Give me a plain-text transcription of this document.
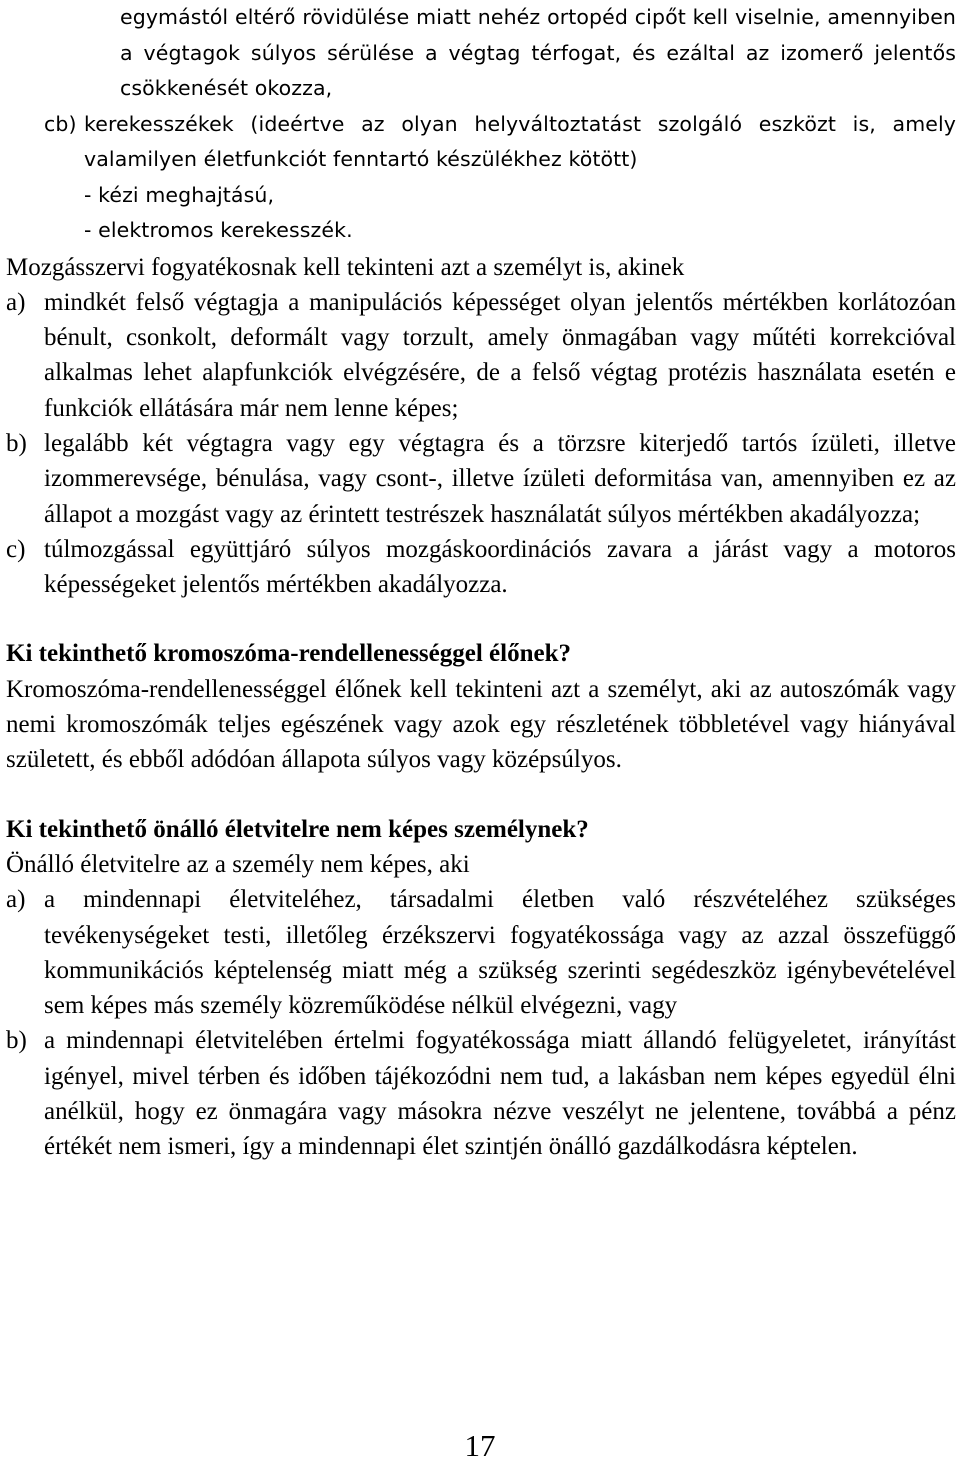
egymástól eltérő rövidülése miatt nehéz ortopéd cipőt kell viselnie, amennyiben a végtagok súlyos sérülése a végtag térfogat, és ezáltal az izomerő jelentős csökkenését okozza,

cb) kerekesszékek (ideértve az olyan helyváltoztatást szolgáló eszközt is, amely valamilyen életfunkciót fenntartó készülékhez kötött)
- kézi meghajtású,
- elektromos kerekesszék.

Mozgásszervi fogyatékosnak kell tekinteni azt a személyt is, akinek

a) mindkét felső végtagja a manipulációs képességet olyan jelentős mértékben korlátozóan bénult, csonkolt, deformált vagy torzult, amely önmagában vagy műtéti korrekcióval alkalmas lehet alapfunkciók elvégzésére, de a felső végtag protézis használata esetén e funkciók ellátására már nem lenne képes;
b) legalább két végtagra vagy egy végtagra és a törzsre kiterjedő tartós ízületi, illetve izommerevsége, bénulása, vagy csont-, illetve ízületi deformitása van, amennyiben ez az állapot a mozgást vagy az érintett testrészek használatát súlyos mértékben akadályozza;
c) túlmozgással együttjáró súlyos mozgáskoordinációs zavara a járást vagy a motoros képességeket jelentős mértékben akadályozza.
Ki tekinthető kromoszóma-rendellenességgel élőnek?

Kromoszóma-rendellenességgel élőnek kell tekinteni azt a személyt, aki az autoszómák vagy nemi kromoszómák teljes egészének vagy azok egy részletének többletével vagy hiányával született, és ebből adódóan állapota súlyos vagy középsúlyos.

Ki tekinthető önálló életvitelre nem képes személynek?

Önálló életvitelre az a személy nem képes, aki

a) a mindennapi életviteléhez, társadalmi életben való részvételéhez szükséges tevékenységeket testi, illetőleg érzékszervi fogyatékossága vagy az azzal összefüggő kommunikációs képtelenség miatt még a szükség szerinti segédeszköz igénybevételével sem képes más személy közreműködése nélkül elvégezni, vagy
b) a mindennapi életvitelében értelmi fogyatékossága miatt állandó felügyeletet, irányítást igényel, mivel térben és időben tájékozódni nem tud, a lakásban nem képes egyedül élni anélkül, hogy ez önmagára vagy másokra nézve veszélyt ne jelentene, továbbá a pénz értékét nem ismeri, így a mindennapi élet szintjén önálló gazdálkodásra képtelen.
17
